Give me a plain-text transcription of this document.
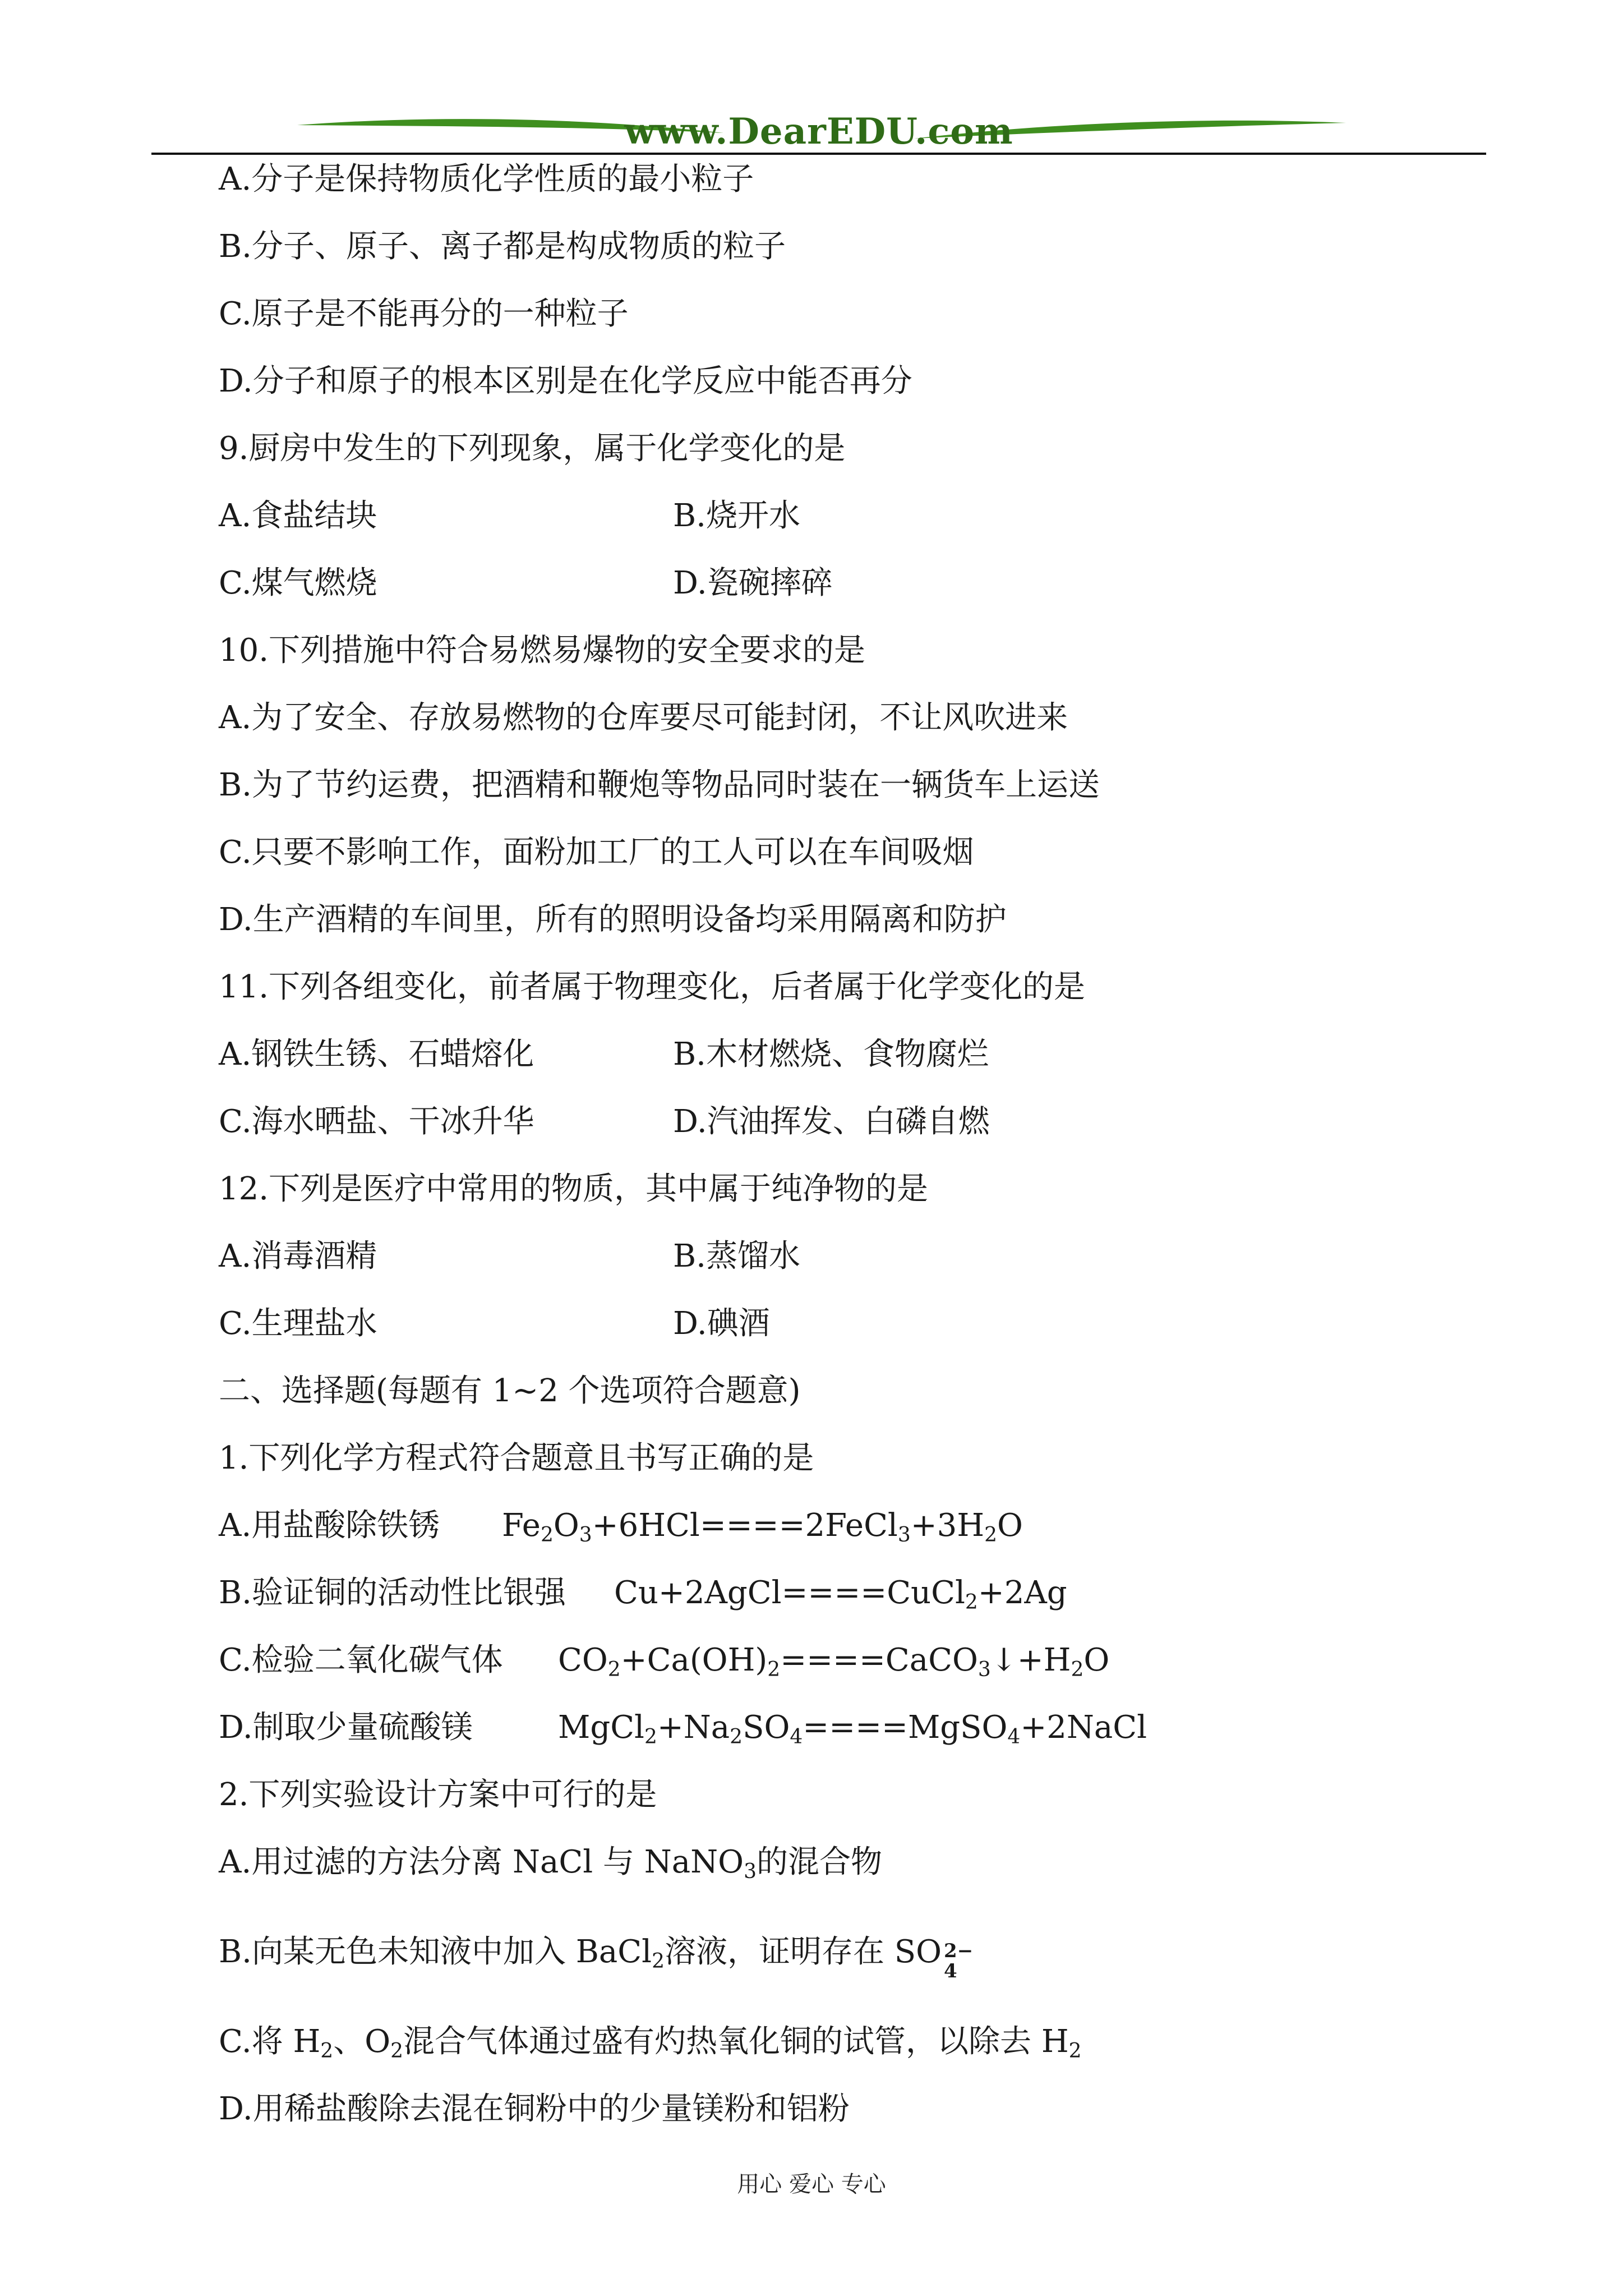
www.DearEDU.com
A.分子是保持物质化学性质的最小粒子
B.分子、原子、离子都是构成物质的粒子
C.原子是不能再分的一种粒子
D.分子和原子的根本区别是在化学反应中能否再分
9.厨房中发生的下列现象，属于化学变化的是
A.食盐结块	B.烧开水
C.煤气燃烧	D.瓷碗摔碎
10.下列措施中符合易燃易爆物的安全要求的是
A.为了安全、存放易燃物的仓库要尽可能封闭，不让风吹进来
B.为了节约运费，把酒精和鞭炮等物品同时装在一辆货车上运送
C.只要不影响工作，面粉加工厂的工人可以在车间吸烟
D.生产酒精的车间里，所有的照明设备均采用隔离和防护
11.下列各组变化，前者属于物理变化，后者属于化学变化的是
A.钢铁生锈、石蜡熔化	B.木材燃烧、食物腐烂
C.海水晒盐、干冰升华	D.汽油挥发、白磷自燃
12.下列是医疗中常用的物质，其中属于纯净物的是
A.消毒酒精	B.蒸馏水
C.生理盐水	D.碘酒
二、选择题(每题有 1~2 个选项符合题意)
1.下列化学方程式符合题意且书写正确的是
A.用盐酸除铁锈 $Fe_2O_3+6HCl====2FeCl_3+3H_2O$
B.验证铜的活动性比银强 Cu+2AgCl====CuCl$_2$+2Ag
C.检验二氧化碳气体 $CO_2+Ca(OH)_2====CaCO_3↓+H_2O$
D.制取少量硫酸镁	$MgCl_2+Na_2SO_4====MgSO_4+2NaCl$
2.下列实验设计方案中可行的是
A.用过滤的方法分离 NaCl 与 NaNO$_3$的混合物
B.向某无色未知液中加入 BaCl$_2$溶液，证明存在 SO 2−
4
C.将 $H_2$、$O_2$混合气体通过盛有灼热氧化铜的试管，以除去 $H_2$
D.用稀盐酸除去混在铜粉中的少量镁粉和铝粉
用心 爱心 专心
